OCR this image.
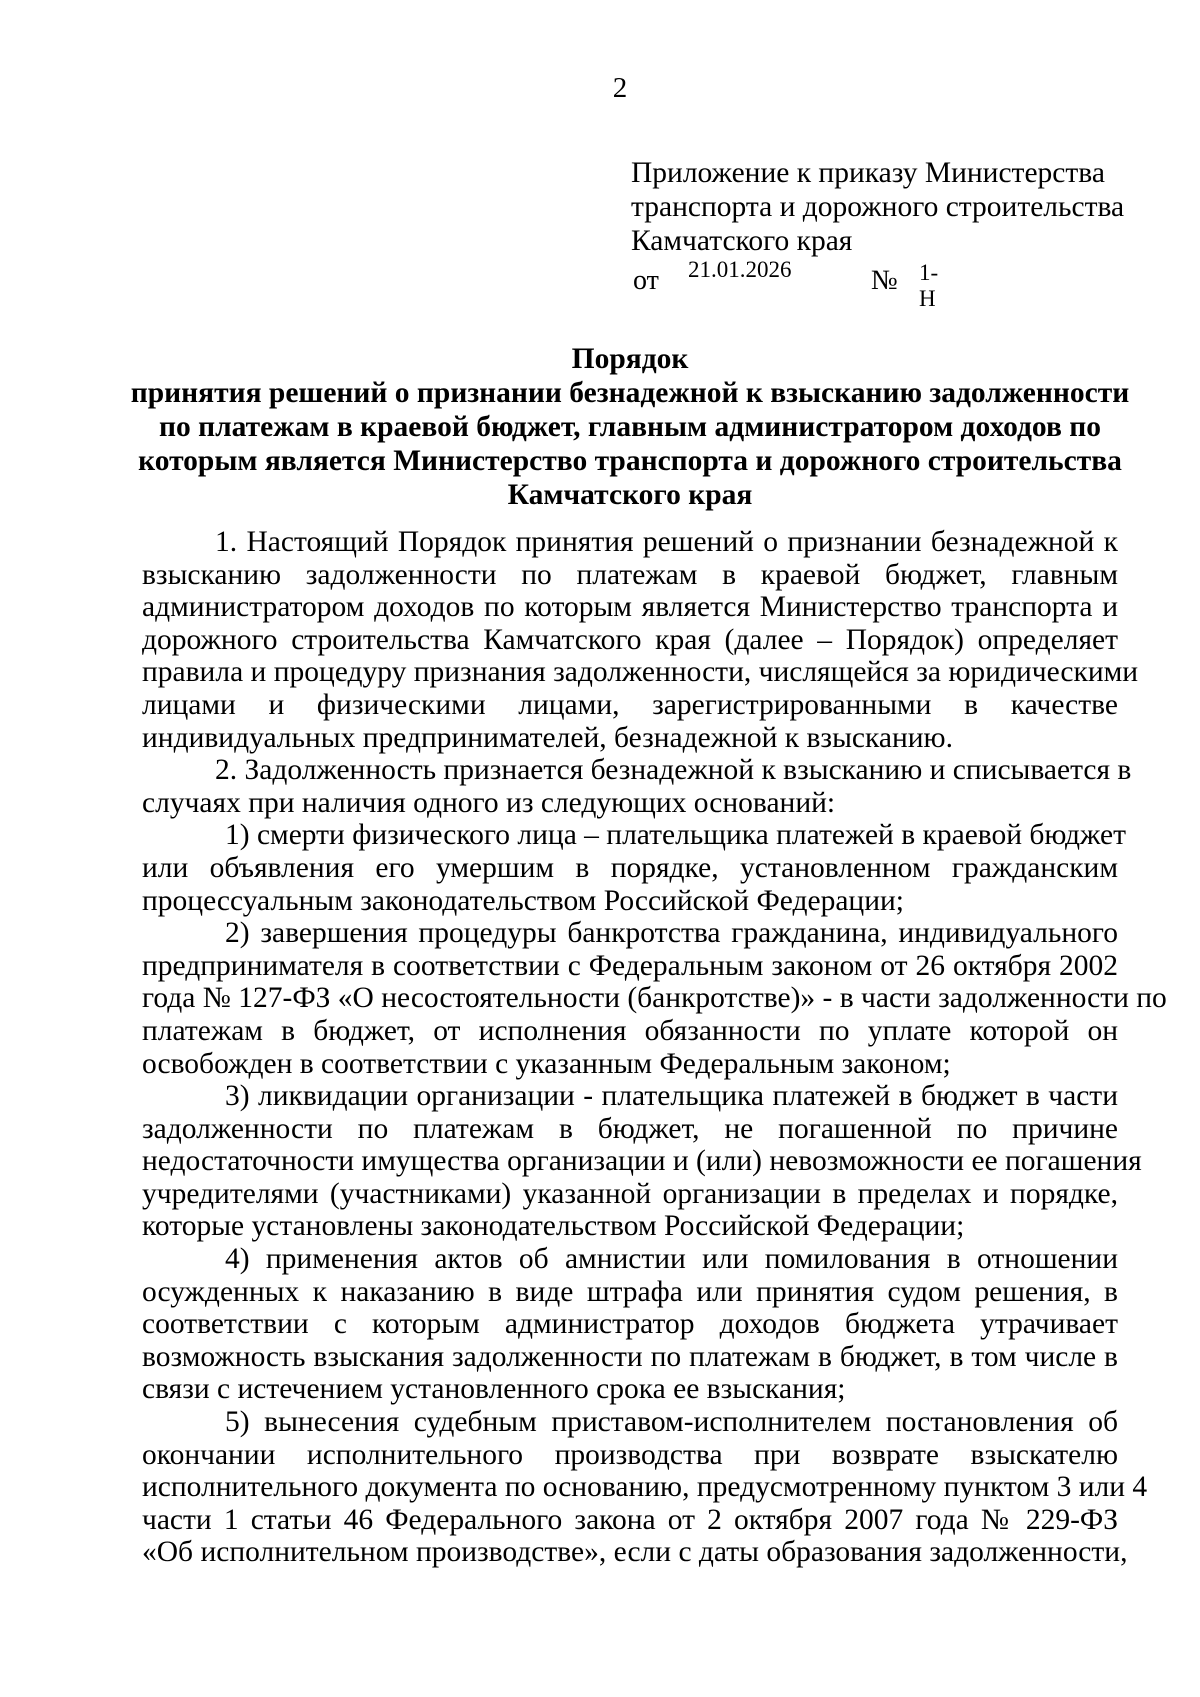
2
Приложение к приказу Министерства
транспорта и дорожного строительства
Камчатского края
от 21.01.2026	№ 1-Н
Порядок
принятия решений о признании безнадежной к взысканию задолженности
по платежам в краевой бюджет, главным администратором доходов по
которым является Министерство транспорта и дорожного строительства
Камчатского края
1. Настоящий Порядок принятия решений о признании безнадежной к
взысканию задолженности по платежам в краевой бюджет, главным
администратором доходов по которым является Министерство транспорта и
дорожного строительства Камчатского края (далее – Порядок) определяет
правила и процедуру признания задолженности, числящейся за юридическими
лицами и физическими лицами, зарегистрированными в качестве
индивидуальных предпринимателей, безнадежной к взысканию.
2. Задолженность признается безнадежной к взысканию и списывается в
случаях при наличия одного из следующих оснований:
1) смерти физического лица – плательщика платежей в краевой бюджет
или объявления его умершим в порядке, установленном гражданским
процессуальным законодательством Российской Федерации;
2) завершения процедуры банкротства гражданина, индивидуального
предпринимателя в соответствии с Федеральным законом от 26 октября 2002
года № 127-ФЗ «О несостоятельности (банкротстве)» - в части задолженности по
платежам в бюджет, от исполнения обязанности по уплате которой он
освобожден в соответствии с указанным Федеральным законом;
3) ликвидации организации - плательщика платежей в бюджет в части
задолженности по платежам в бюджет, не погашенной по причине
недостаточности имущества организации и (или) невозможности ее погашения
учредителями (участниками) указанной организации в пределах и порядке,
которые установлены законодательством Российской Федерации;
4) применения актов об амнистии или помилования в отношении
осужденных к наказанию в виде штрафа или принятия судом решения, в
соответствии с которым администратор доходов бюджета утрачивает
возможность взыскания задолженности по платежам в бюджет, в том числе в
связи с истечением установленного срока ее взыскания;
5) вынесения судебным приставом-исполнителем постановления об
окончании исполнительного производства при возврате взыскателю
исполнительного документа по основанию, предусмотренному пунктом 3 или 4
части 1 статьи 46 Федерального закона от 2 октября 2007 года № 229-ФЗ
«Об исполнительном производстве», если с даты образования задолженности,
